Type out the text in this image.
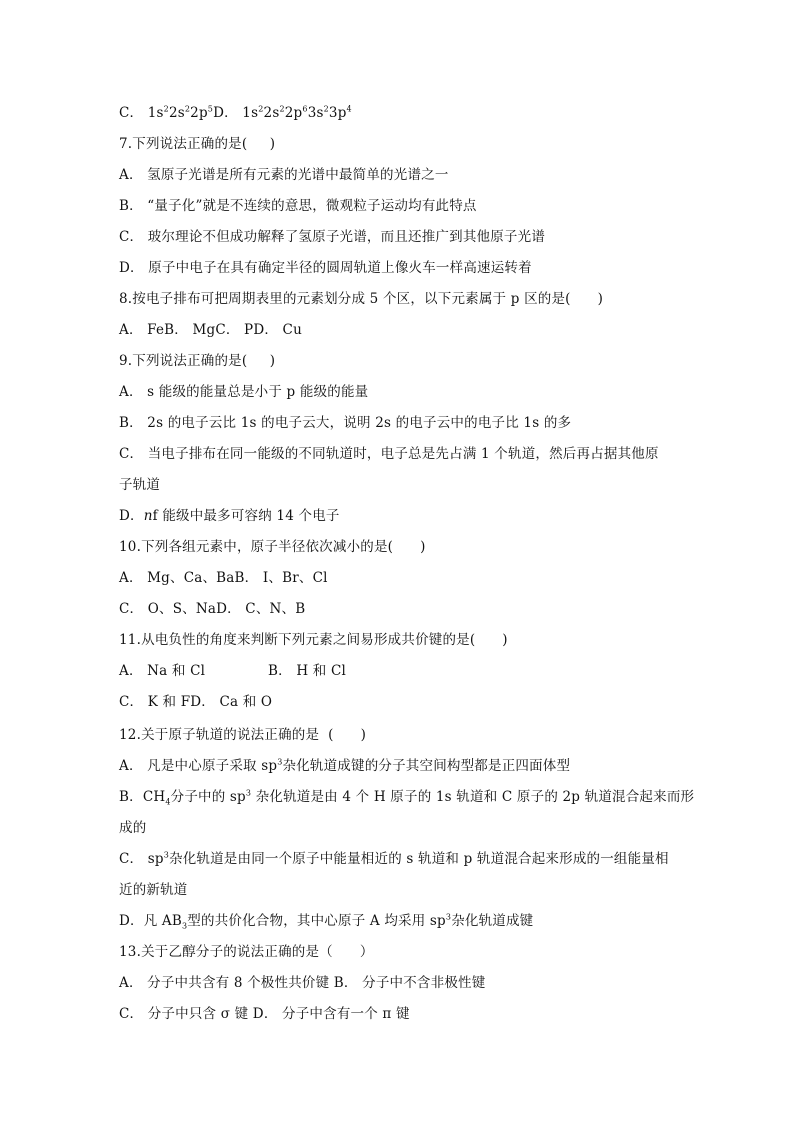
C． $1s^22s^22p^5D$． $1s^22s^22p^63s^23p^4$
7.下列说法正确的是(     )
A． 氢原子光谱是所有元素的光谱中最简单的光谱之一
B． “量子化”就是不连续的意思，微观粒子运动均有此特点
C． 玻尔理论不但成功解释了氢原子光谱，而且还推广到其他原子光谱
D． 原子中电子在具有确定半径的圆周轨道上像火车一样高速运转着
8.按电子排布可把周期表里的元素划分成 5 个区，以下元素属于 p 区的是(      )
A． FeB． MgC． PD． Cu
9.下列说法正确的是(     )
A． s 能级的能量总是小于 p 能级的能量
B． 2s 的电子云比 1s 的电子云大，说明 2s 的电子云中的电子比 1s 的多
C． 当电子排布在同一能级的不同轨道时，电子总是先占满 1 个轨道，然后再占据其他原
子轨道
D．nf 能级中最多可容纳 14 个电子
10.下列各组元素中，原子半径依次减小的是(      )
A． Mg、Ca、BaB． I、Br、Cl
C． O、S、NaD． C、N、B
11.从电负性的角度来判断下列元素之间易形成共价键的是(      )
A． Na 和 Cl              B． H 和 Cl
C． K 和 FD． Ca 和 O
12.关于原子轨道的说法正确的是  (      )
A． 凡是中心原子采取 $sp^3$杂化轨道成键的分子其空间构型都是正四面体型
B．$CH_4$分子中的 $sp^3$ 杂化轨道是由 4 个 H 原子的 1s 轨道和 C 原子的 2p 轨道混合起来而形
成的
C． $sp^3$杂化轨道是由同一个原子中能量相近的 s 轨道和 p 轨道混合起来形成的一组能量相
近的新轨道
D．凡 $AB_3$型的共价化合物，其中心原子 A 均采用 $sp^3$杂化轨道成键
13.关于乙醇分子的说法正确的是（      ）
A． 分子中共含有 8 个极性共价键 B． 分子中不含非极性键
C． 分子中只含 σ 键 D． 分子中含有一个 π 键
